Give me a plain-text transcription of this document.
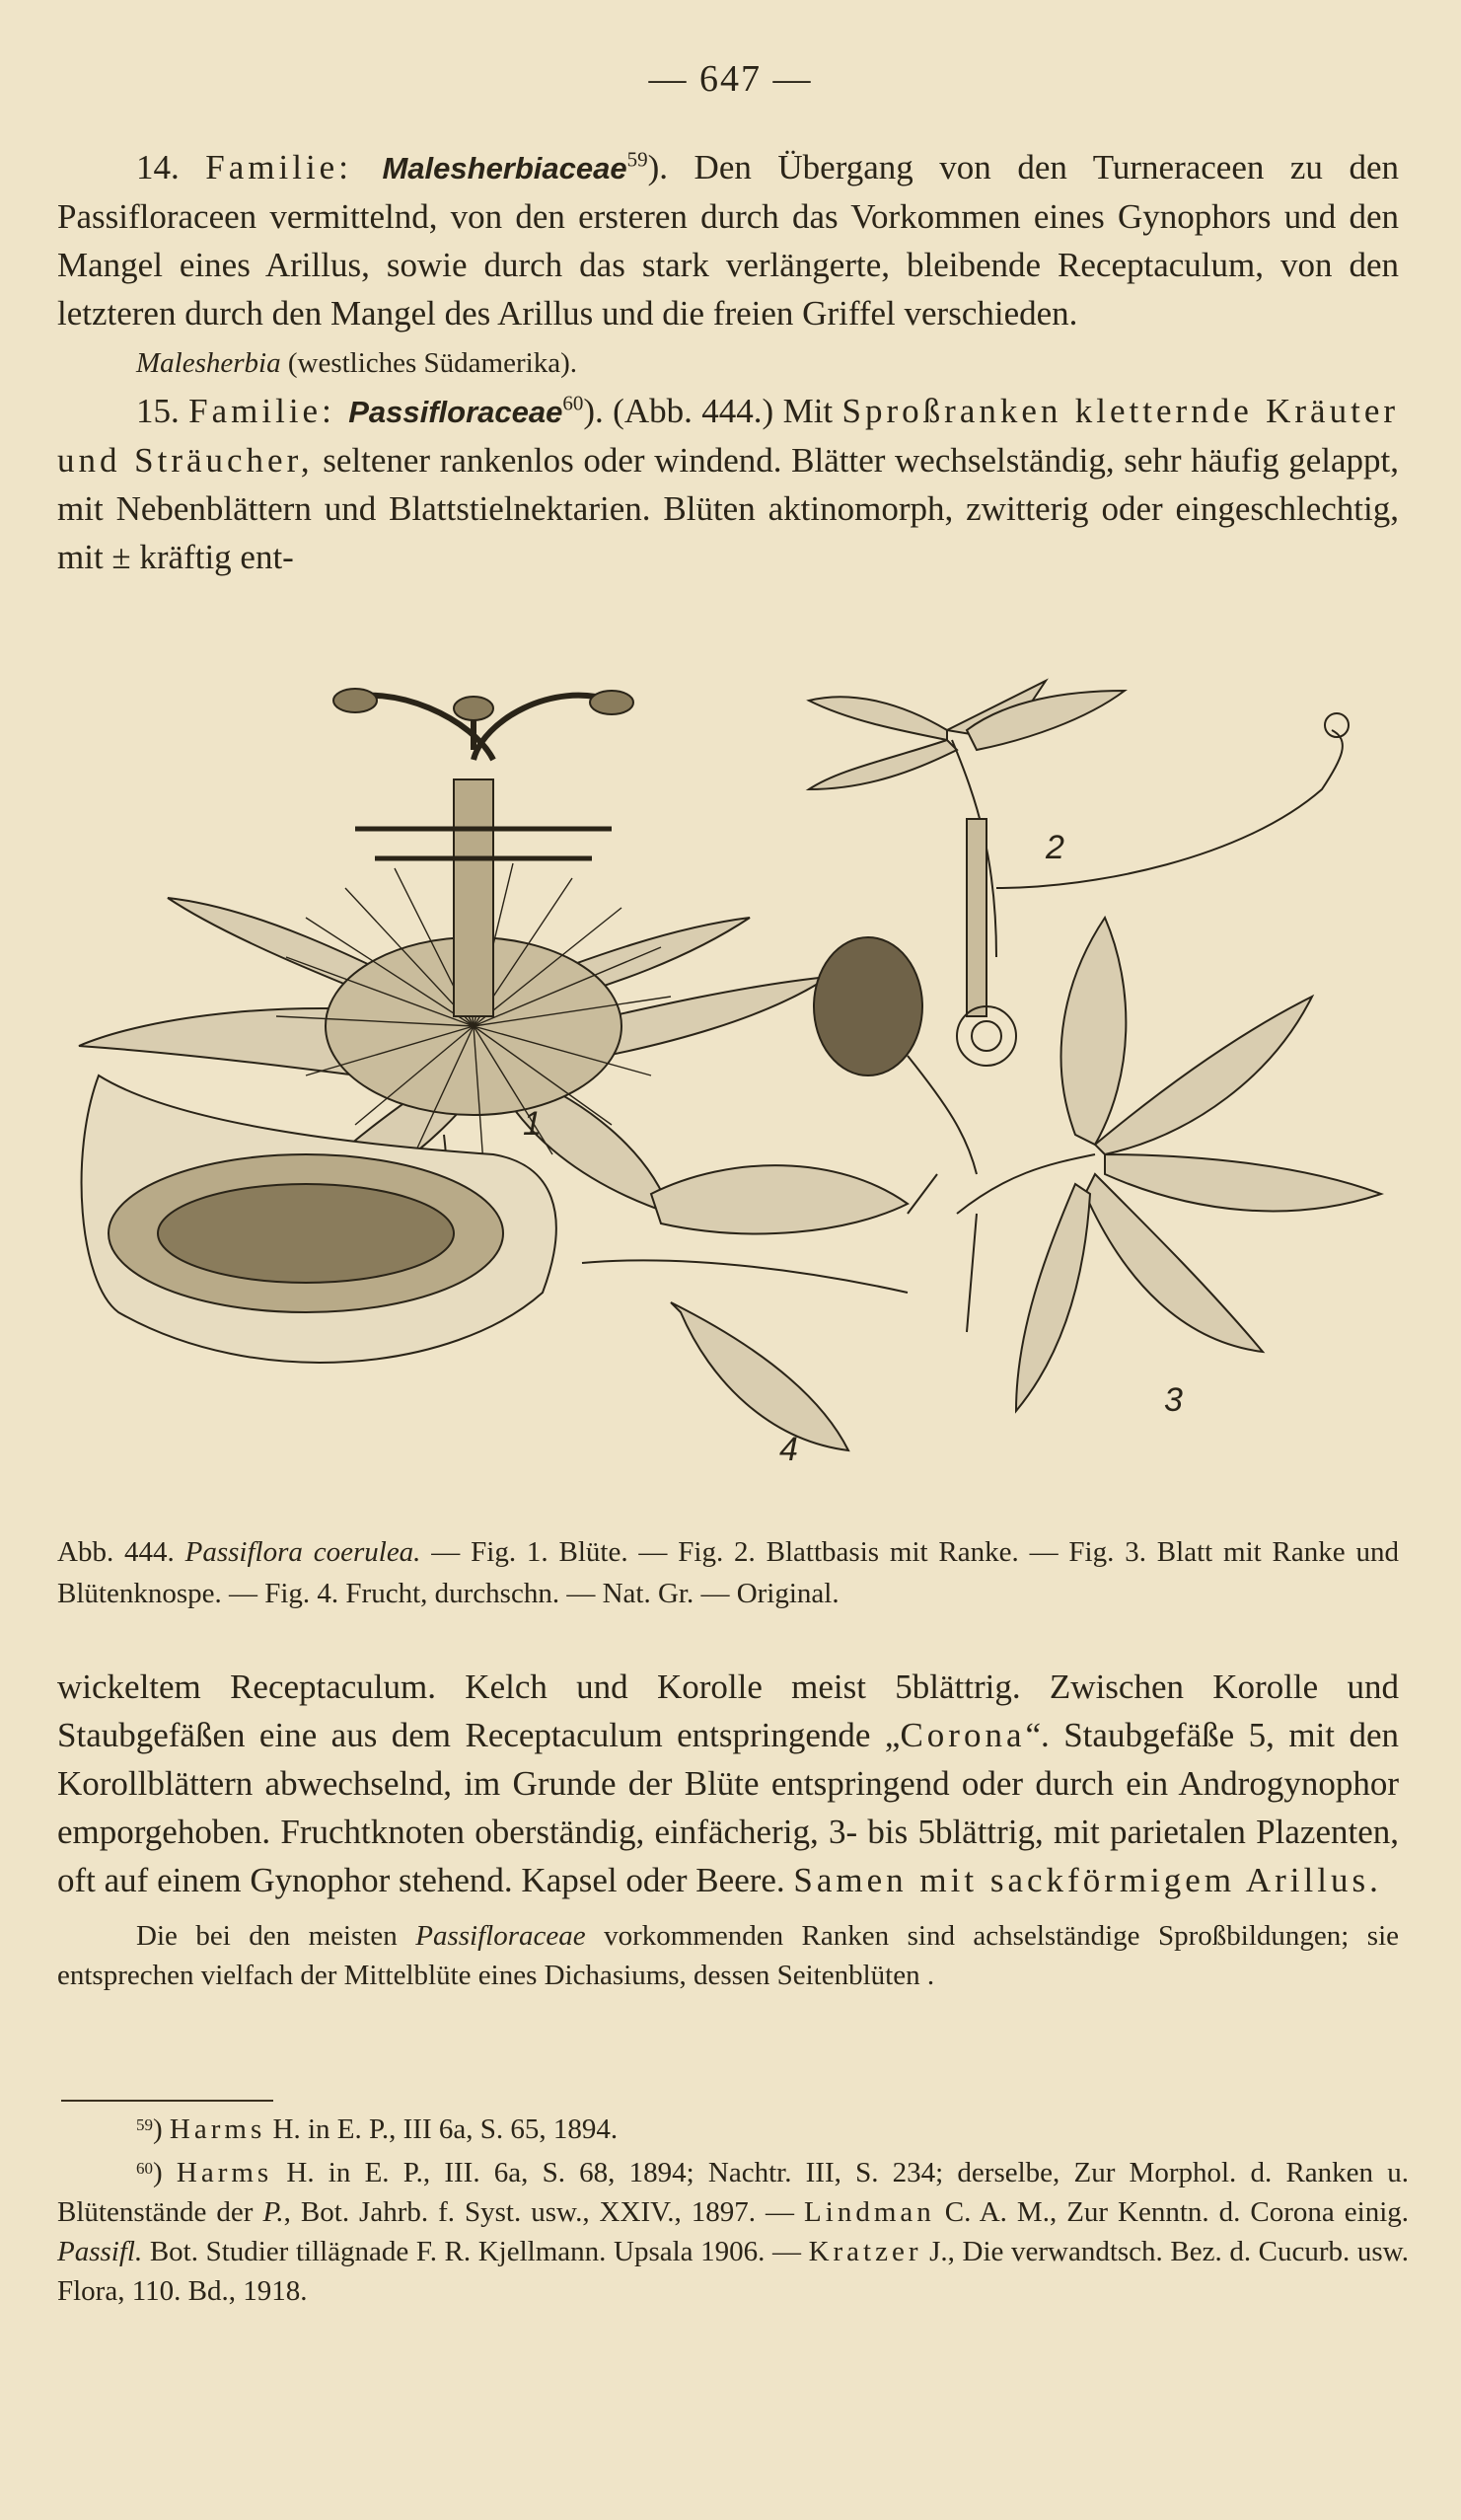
— 647 —

14. Familie: Malesherbiaceae$^{59}$). Den Übergang von den Turneraceen zu den Passifloraceen vermittelnd, von den ersteren durch das Vorkommen eines Gynophors und den Mangel eines Arillus, sowie durch das stark verlängerte, bleibende Receptaculum, von den letzteren durch den Mangel des Arillus und die freien Griffel verschieden.

Malesherbia (westliches Südamerika).

15. Familie: Passifloraceae$^{60}$). (Abb. 444.) Mit Sproßranken kletternde Kräuter und Sträucher, seltener rankenlos oder windend. Blätter wechselständig, sehr häufig gelappt, mit Nebenblättern und Blattstielnektarien. Blüten aktinomorph, zwitterig oder eingeschlechtig, mit ± kräftig ent-

1
2
3
4
Abb. 444. Passiflora coerulea. — Fig. 1. Blüte. — Fig. 2. Blattbasis mit Ranke. — Fig. 3. Blatt mit Ranke und Blütenknospe. — Fig. 4. Frucht, durchschn. — Nat. Gr. — Original.

wickeltem Receptaculum. Kelch und Korolle meist 5blättrig. Zwischen Korolle und Staubgefäßen eine aus dem Receptaculum entspringende „Corona“. Staubgefäße 5, mit den Korollblättern abwechselnd, im Grunde der Blüte entspringend oder durch ein Androgynophor emporgehoben. Fruchtknoten oberständig, einfächerig, 3- bis 5blättrig, mit parietalen Plazenten, oft auf einem Gynophor stehend. Kapsel oder Beere. Samen mit sackförmigem Arillus.

Die bei den meisten Passifloraceae vorkommenden Ranken sind achselständige Sproßbildungen; sie entsprechen vielfach der Mittelblüte eines Dichasiums, dessen Seitenblüten .

$^{59}$) Harms H. in E. P., III 6a, S. 65, 1894.

$^{60}$) Harms H. in E. P., III. 6a, S. 68, 1894; Nachtr. III, S. 234; derselbe, Zur Morphol. d. Ranken u. Blütenstände der P., Bot. Jahrb. f. Syst. usw., XXIV., 1897. — Lindman C. A. M., Zur Kenntn. d. Corona einig. Passifl. Bot. Studier tillägnade F. R. Kjellmann. Upsala 1906. — Kratzer J., Die verwandtsch. Bez. d. Cucurb. usw. Flora, 110. Bd., 1918.
